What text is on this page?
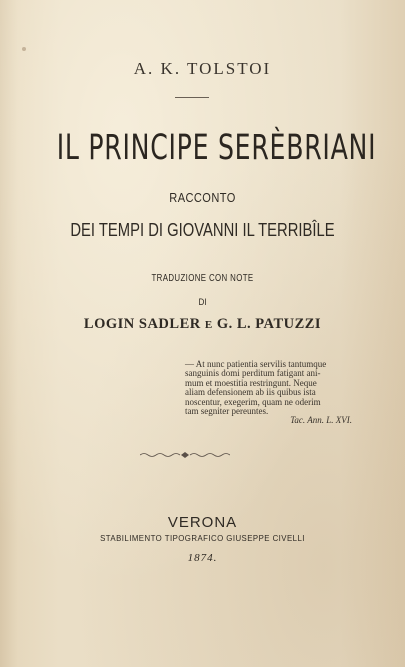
A. K. TOLSTOI
IL PRINCIPE SERÈBRIANI
RACCONTO
DEI TEMPI DI GIOVANNI IL TERRIBÎLE
TRADUZIONE CON NOTE
DI
LOGIN SADLER E G. L. PATUZZI
— At nunc patientia servilis tantumque
sanguinis domi perditum fatigant ani-
mum et moestitia restringunt. Neque
aliam defensionem ab iis quibus ista
noscentur, exegerim, quam ne oderim
tam segniter pereuntes.
Tac. Ann. L. XVI.
VERONA
STABILIMENTO TIPOGRAFICO GIUSEPPE CIVELLI
1874.
